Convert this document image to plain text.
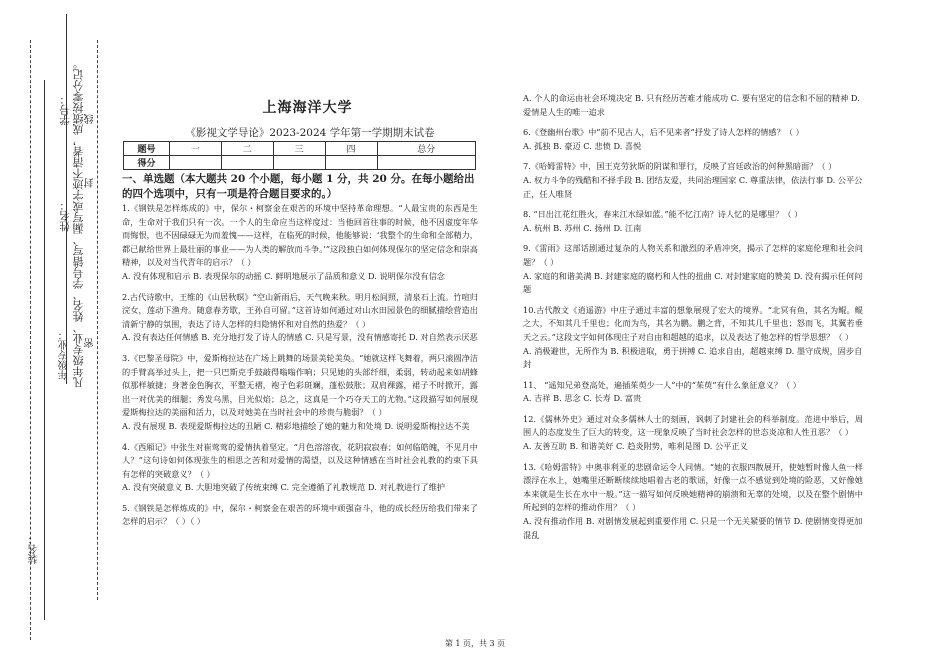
学号：
姓名： 凡年级专业、姓名、学号错写、漏写或字迹不清者，成绩按零分记。
年级专业：
线
封
密
装名：
上海海洋大学
《影视文学导论》2023-2024 学年第一学期期末试卷
题号	一	二	三	四	总分
得分					
一、单选题（本大题共 20 个小题，每小题 1 分，共 20 分。在每小题给出的四个选项中，只有一项是符合题目要求的。）
1.《钢铁是怎样炼成的》中，保尔・柯察金在艰苦的环境中坚持革命理想。“人最宝贵的东西是生命，生命对于我们只有一次。一个人的生命应当这样度过：当他回首往事的时候，他不因虚度年华而悔恨，也不因碌碌无为而羞愧——这样，在临死的时候，他能够说：‘我整个的生命和全部精力，都已献给世界上最壮丽的事业——为人类的解放而斗争。’”这段独白如何体现保尔的坚定信念和崇高精神，以及对当代青年的启示？（ ）
A. 没有体现和启示 B. 表现保尔的动摇 C. 鲜明地展示了品质和意义 D. 说明保尔没有信念
2.古代诗歌中，王维的《山居秋暝》“空山新雨后，天气晚来秋。明月松间照，清泉石上流。竹喧归浣女，莲动下渔舟。随意春芳歇，王孙自可留。”这首诗如何通过对山水田园景色的细腻描绘营造出清新宁静的氛围，表达了诗人怎样的归隐情怀和对自然的热爱？（ ）
A. 没有表达任何情感 B. 充分地打发了诗人的情感 C. 只是写景，没有情感寄托 D. 对自然表示厌恶
3.《巴黎圣母院》中，爱斯梅拉达在广场上跳舞的场景美轮美奂。“她就这样飞舞着，两只滚圆净洁的手臂高举过头上，把一只巴斯克手鼓敲得嗡嗡作响；只见她的头部纤细，柔弱，转动起来如胡蜂似那样敏捷；身著金色胸衣，平整无褶，袍子色彩斑斓，蓬松鼓胀；双肩裸露，裙子不时掀开，露出一对优美的细腿；秀发乌黑，目光似焰；总之，这真是一个巧夺天工的尤物。”这段描写如何展现爱斯梅拉达的美丽和活力，以及对她美在当时社会中的珍贵与脆弱？（ ）
A. 没有展现 B. 表现爱斯梅拉达的丑陋 C. 精彩地描绘了她的魅力和处境 D. 说明爱斯梅拉达不美
4.《西厢记》中张生对崔莺莺的爱情执着坚定。“月色溶溶夜，花阴寂寂春；如何临皓魄，不见月中人？”这句诗如何体现张生的相思之苦和对爱情的渴望，以及这种情感在当时社会礼教的约束下具有怎样的突破意义？（ ）
A. 没有突破意义 B. 大胆地突破了传统束缚 C. 完全遵循了礼教规范 D. 对礼教进行了维护
5.《钢铁是怎样炼成的》中，保尔・柯察金在艰苦的环境中顽强奋斗，他的成长经历给我们带来了怎样的启示？（ ）（ ）
A. 个人的命运由社会环境决定 B. 只有经历苦难才能成功 C. 要有坚定的信念和不屈的精神 D. 爱情是人生的唯一追求
6.《登幽州台歌》中“前不见古人，后不见来者”抒发了诗人怎样的情感？（ ）
A. 孤独 B. 豪迈 C. 悲愤 D. 喜悦
7.《哈姆雷特》中，国王克劳狄斯的阴谋和罪行，反映了宫廷政治的何种黑暗面？（ ）
A. 权力斗争的残酷和不择手段 B. 团结友爱，共同治理国家 C. 尊重法律，依法行事 D. 公平公正，任人唯贤
8. “日出江花红胜火，春来江水绿如蓝。”能不忆江南？诗人忆的是哪里？（ ）
A. 杭州 B. 苏州 C. 扬州 D. 江南
9.《雷雨》这部话剧通过复杂的人物关系和激烈的矛盾冲突，揭示了怎样的家庭伦理和社会问题？（ ）
A. 家庭的和谐美满 B. 封建家庭的腐朽和人性的扭曲 C. 对封建家庭的赞美 D. 没有揭示任何问题
10.古代散文《逍遥游》中庄子通过丰富的想象展现了宏大的境界。“北冥有鱼，其名为鲲。鲲之大，不知其几千里也；化而为鸟，其名为鹏。鹏之背，不知其几千里也；怒而飞，其翼若垂天之云。”这段文字如何体现庄子对自由和超越的追求，以及表达了他怎样的哲学思想？（ ）
A. 消极避世，无所作为 B. 积极进取，勇于拼搏 C. 追求自由，超越束缚 D. 墨守成规，固步自封
11、 “遥知兄弟登高处，遍插茱萸少一人”中的“茱萸”有什么象征意义？（ ）
A. 吉祥 B. 思念 C. 长寿 D. 富贵
12.《儒林外史》通过对众多儒林人士的刻画，讽刺了封建社会的科举制度。范进中举后，周围人的态度发生了巨大的转变，这一现象反映了当时社会怎样的世态炎凉和人性丑恶？（ ）
A. 友善互助 B. 和谐美好 C. 趋炎附势，唯利是图 D. 公平正义
13.《哈姆雷特》中奥菲利亚的悲剧命运令人同情。“她的衣服四散展开，使她暂时像人鱼一样漂浮在水上，她嘴里还断断续续地唱着古老的歌谣，好像一点不感觉到处境的险恶，又好像她本来就是生长在水中一般。”这一描写如何反映她精神的崩溃和无辜的处境，以及在整个剧情中所起到的怎样的推动作用？（ ）
A. 没有推动作用 B. 对剧情发展起到重要作用 C. 只是一个无关紧要的情节 D. 使剧情变得更加混乱
第 1 页，共 3 页
